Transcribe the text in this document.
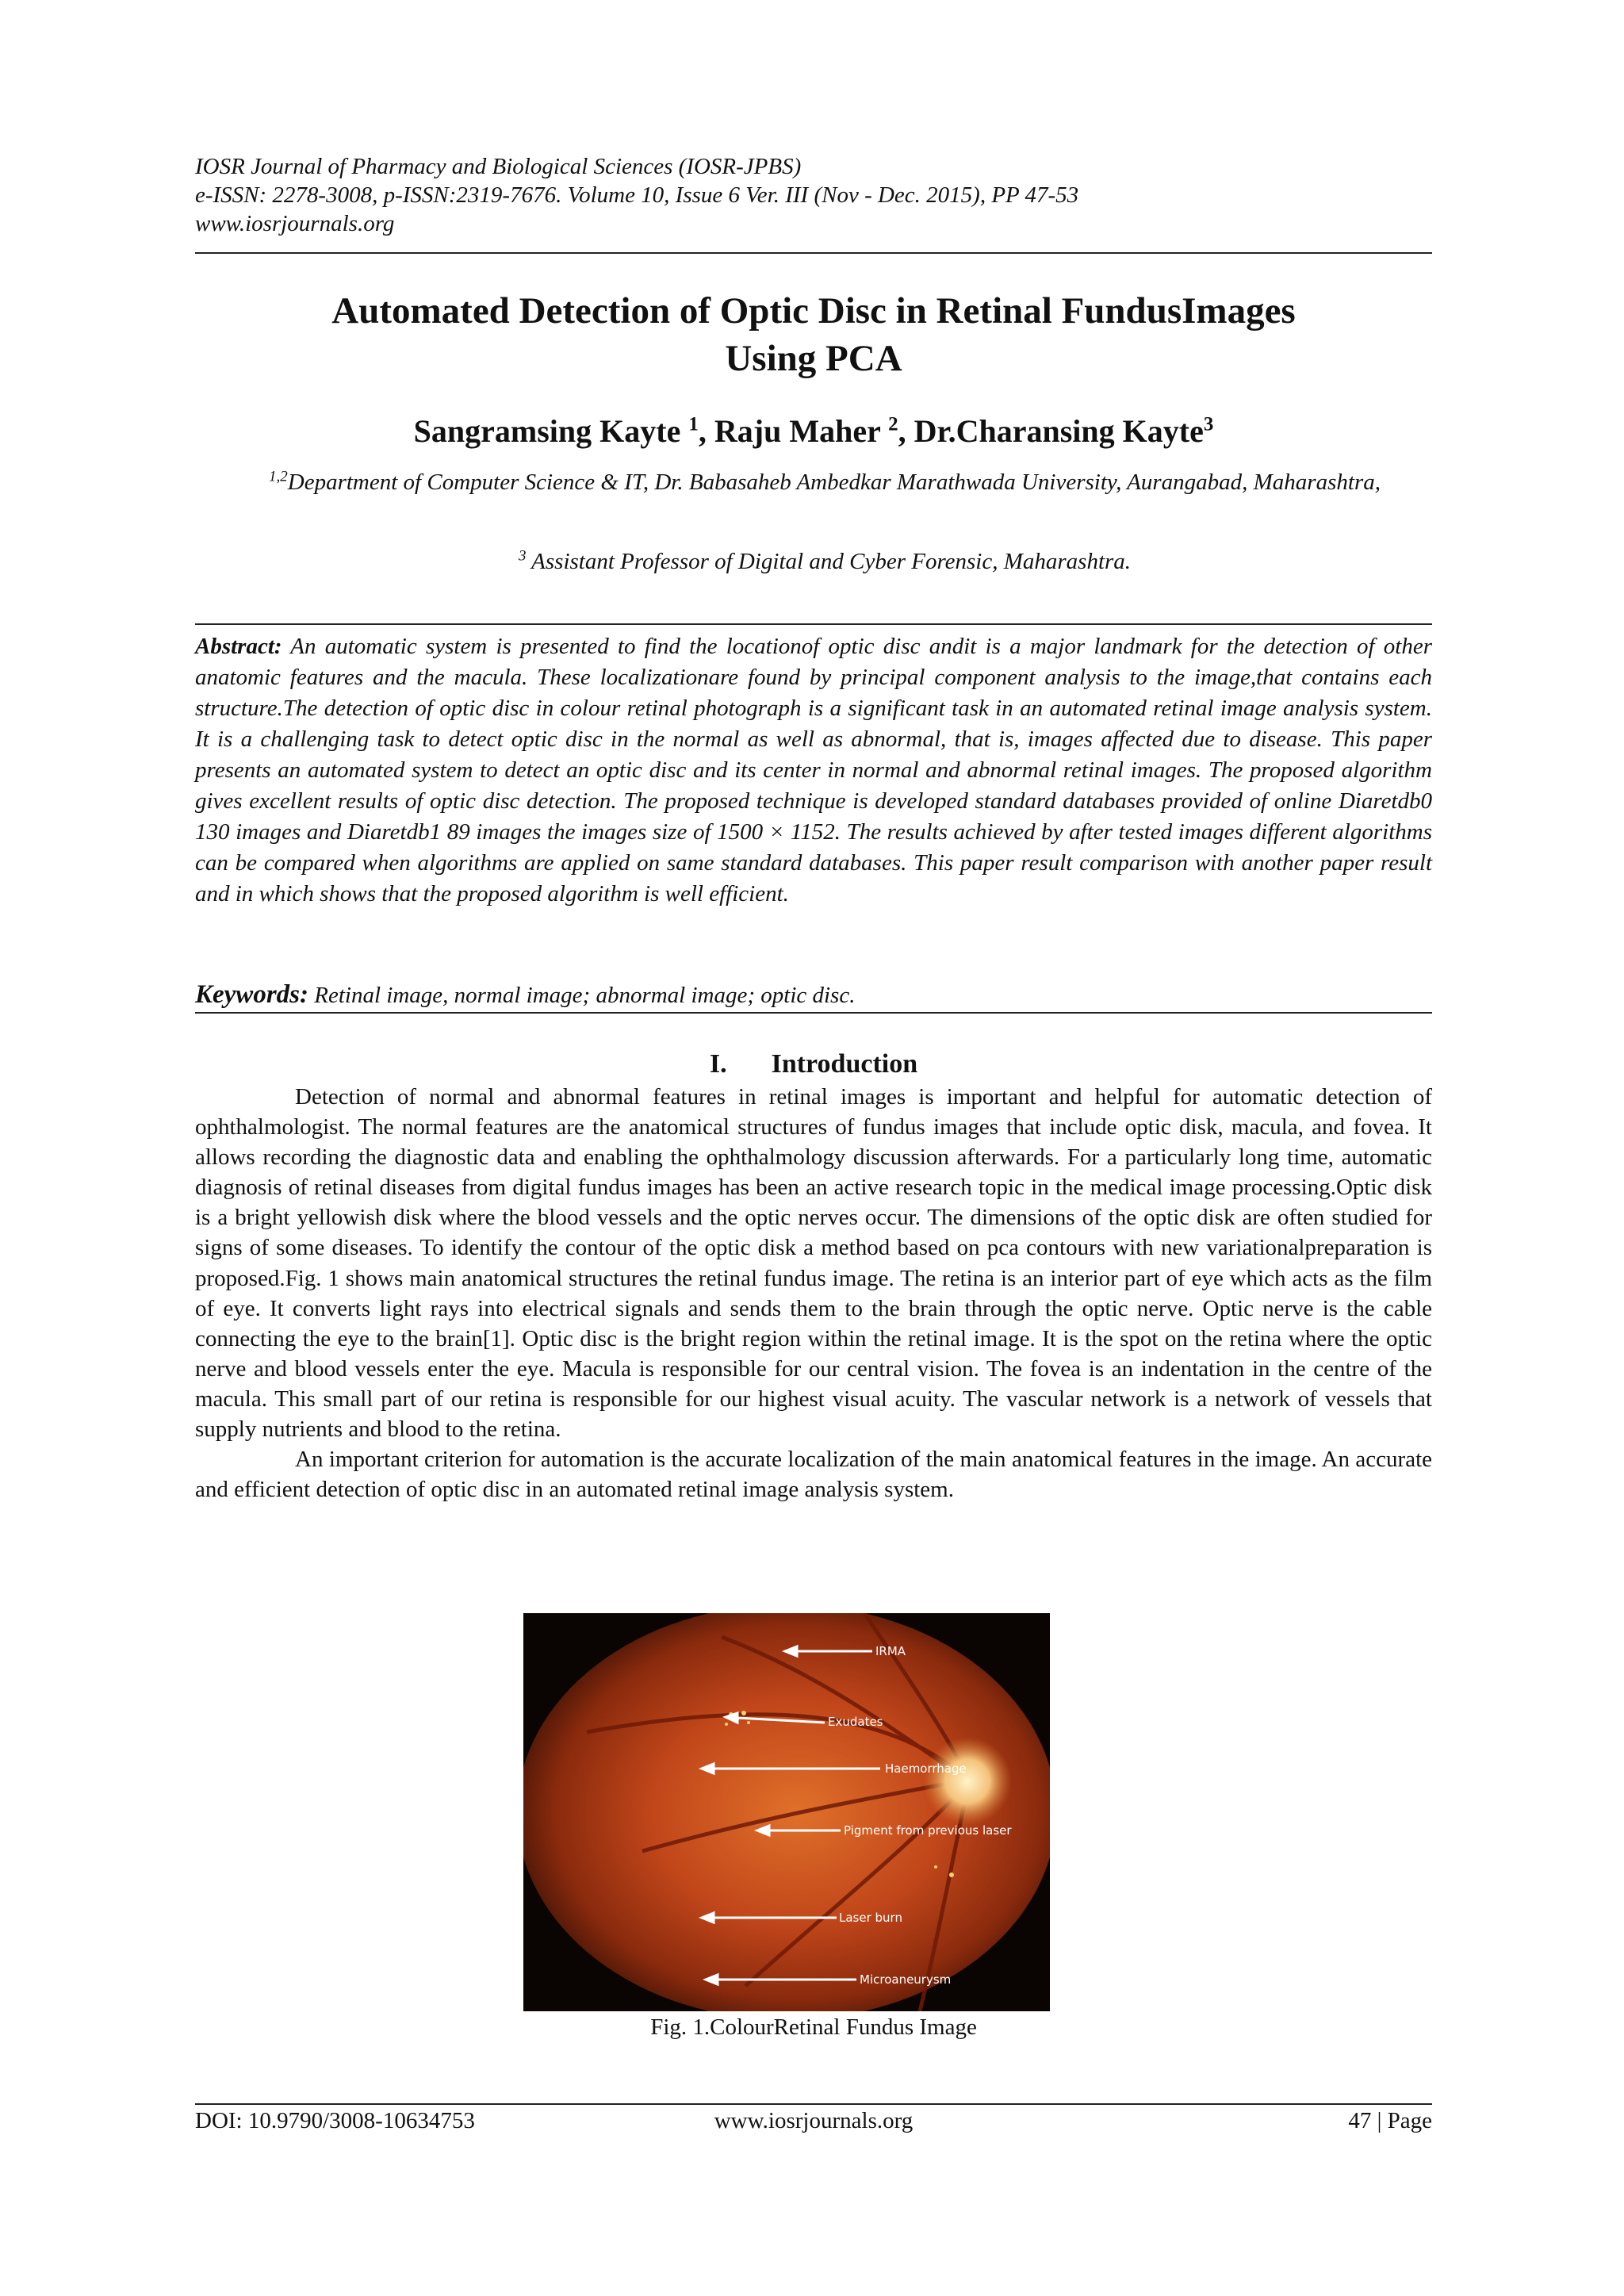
IOSR Journal of Pharmacy and Biological Sciences (IOSR-JPBS)
e-ISSN: 2278-3008, p-ISSN:2319-7676. Volume 10, Issue 6 Ver. III (Nov - Dec. 2015), PP 47-53
www.iosrjournals.org
Automated Detection of Optic Disc in Retinal FundusImages
Using PCA
Sangramsing Kayte $^1$, Raju Maher $^2$, Dr.Charansing Kayte$^3$
$^{1,2}$Department of Computer Science & IT, Dr. Babasaheb Ambedkar Marathwada University, Aurangabad, Maharashtra,
$^3$ Assistant Professor of Digital and Cyber Forensic, Maharashtra.
Abstract: An automatic system is presented to find the locationof optic disc andit is a major landmark for the detection of other anatomic features and the macula. These localizationare found by principal component analysis to the image,that contains each structure.The detection of optic disc in colour retinal photograph is a significant task in an automated retinal image analysis system. It is a challenging task to detect optic disc in the normal as well as abnormal, that is, images affected due to disease. This paper presents an automated system to detect an optic disc and its center in normal and abnormal retinal images. The proposed algorithm gives excellent results of optic disc detection. The proposed technique is developed standard databases provided of online Diaretdb0 130 images and Diaretdb1 89 images the images size of 1500 × 1152. The results achieved by after tested images different algorithms can be compared when algorithms are applied on same standard databases. This paper result comparison with another paper result and in which shows that the proposed algorithm is well efficient.
Keywords: Retinal image, normal image; abnormal image; optic disc.
I. Introduction

Detection of normal and abnormal features in retinal images is important and helpful for automatic detection of ophthalmologist. The normal features are the anatomical structures of fundus images that include optic disk, macula, and fovea. It allows recording the diagnostic data and enabling the ophthalmology discussion afterwards. For a particularly long time, automatic diagnosis of retinal diseases from digital fundus images has been an active research topic in the medical image processing.Optic disk is a bright yellowish disk where the blood vessels and the optic nerves occur. The dimensions of the optic disk are often studied for signs of some diseases. To identify the contour of the optic disk a method based on pca contours with new variationalpreparation is proposed.Fig. 1 shows main anatomical structures the retinal fundus image. The retina is an interior part of eye which acts as the film of eye. It converts light rays into electrical signals and sends them to the brain through the optic nerve. Optic nerve is the cable connecting the eye to the brain[1]. Optic disc is the bright region within the retinal image. It is the spot on the retina where the optic nerve and blood vessels enter the eye. Macula is responsible for our central vision. The fovea is an indentation in the centre of the macula. This small part of our retina is responsible for our highest visual acuity. The vascular network is a network of vessels that supply nutrients and blood to the retina.

An important criterion for automation is the accurate localization of the main anatomical features in the image. An accurate and efficient detection of optic disc in an automated retinal image analysis system.

IRMA
Exudates
Haemorrhage
Pigment from previous laser
Laser burn
Microaneurysm
Fig. 1.ColourRetinal Fundus Image
DOI: 10.9790/3008-10634753	www.iosrjournals.org	47 | Page
